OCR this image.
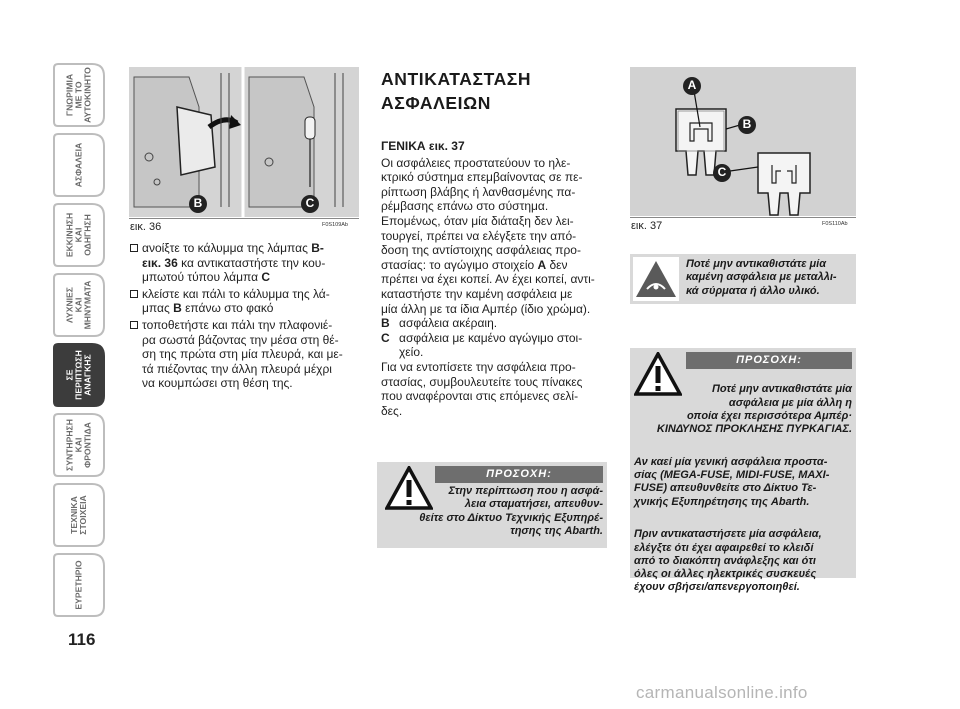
ΓΝΩΡΙΜΙΑ
ΜΕ ΤΟ
ΑΥΤΟΚΙΝΗΤΟ
ΑΣΦΑΛΕΙΑ
ΕΚΚΙΝΗΣΗ
ΚΑΙ
ΟΔΗΓΗΣΗ
ΛΥΧΝΙΕΣ
ΚΑΙ
ΜΗΝΥΜΑΤΑ
ΣΕ
ΠΕΡΙΠΤΩΣΗ
ΑΝΑΓΚΗΣ
ΣΥΝΤΗΡΗΣΗ
ΚΑΙ
ΦΡΟΝΤΙΔΑ
ΤΕΧΝΙΚΑ
ΣΤΟΙΧΕΙΑ
ΕΥΡΕΤΗΡΙΟ
116
B	C
εικ. 36	F0S109Ab
ανοίξτε το κάλυμμα της λάμπας B-
εικ. 36 κα αντικαταστήστε την κου-
μπωτού τύπου λάμπα C
κλείστε και πάλι το κάλυμμα της λά-
μπας B επάνω στο φακό
τοποθετήστε και πάλι την πλαφονιέ-
ρα σωστά βάζοντας την μέσα στη θέ-
ση της πρώτα στη μία πλευρά, και με-
τά πιέζοντας την άλλη πλευρά μέχρι
να κουμπώσει στη θέση της.
ΑΝΤΙΚΑΤΑΣΤΑΣΗ
ΑΣΦΑΛΕΙΩΝ
ΓΕΝΙΚΑ εικ. 37
Οι ασφάλειες προστατεύουν το ηλε-
κτρικό σύστημα επεμβαίνοντας σε πε-
ρίπτωση βλάβης ή λανθασμένης πα-
ρέμβασης επάνω στο σύστημα.
Επομένως, όταν μία διάταξη δεν λει-
τουργεί, πρέπει να ελέγξετε την από-
δοση της αντίστοιχης ασφάλειας προ-
στασίας: το αγώγιμο στοιχείο A δεν
πρέπει να έχει κοπεί. Αν έχει κοπεί, αντι-
καταστήστε την καμένη ασφάλεια με
μία άλλη με τα ίδια Αμπέρ (ίδιο χρώμα).
B ασφάλεια ακέραιη.
C ασφάλεια με καμένο αγώγιμο στοι-
χείο.
Για να εντοπίσετε την ασφάλεια προ-
στασίας, συμβουλευτείτε τους πίνακες
που αναφέρονται στις επόμενες σελί-
δες.
ΠΡΟΣΟΧΗ:
Στην περίπτωση που η ασφά-
λεια σταματήσει, απευθυν-
θείτε στο Δίκτυο Τεχνικής Εξυπηρέ-
τησης της Abarth.
A
B
C
εικ. 37	F0S110Ab
Ποτέ μην αντικαθιστάτε μία
καμένη ασφάλεια με μεταλλι-
κά σύρματα ή άλλο υλικό.
ΠΡΟΣΟΧΗ:

Ποτέ μην αντικαθιστάτε μία
ασφάλεια με μία άλλη η
οποία έχει περισσότερα Αμπέρ·
ΚΙΝΔΥΝΟΣ ΠΡΟΚΛΗΣΗΣ ΠΥΡΚΑΓΙΑΣ.

Αν καεί μία γενική ασφάλεια προστα-
σίας (MEGA-FUSE, MIDI-FUSE, MAXI-
FUSE) απευθυνθείτε στο Δίκτυο Τε-
χνικής Εξυπηρέτησης της Abarth.

Πριν αντικαταστήσετε μία ασφάλεια,
ελέγξτε ότι έχει αφαιρεθεί το κλειδί
από το διακόπτη ανάφλεξης και ότι
όλες οι άλλες ηλεκτρικές συσκευές
έχουν σβήσει/απενεργοποιηθεί.

carmanualsonline.info
